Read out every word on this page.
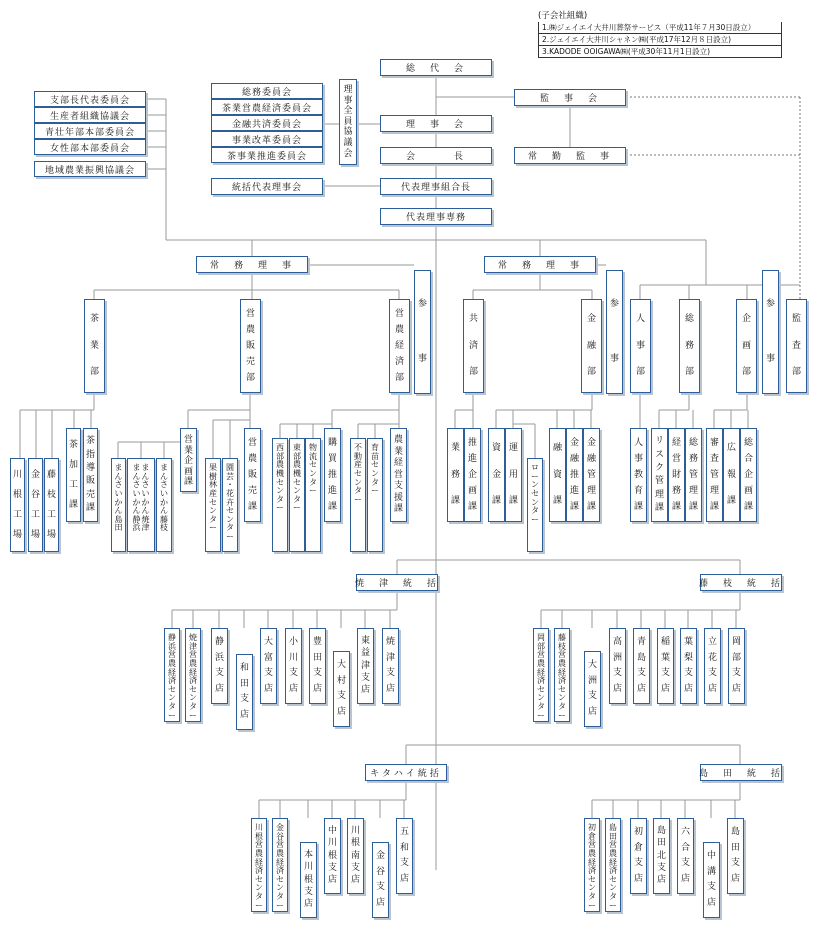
(子会社組織)
1.㈱ジェイエイ大井川葬祭サービス（平成11年７月30日設立）
2.ジェイエイ大井川シャネン㈱(平成17年12月８日設立)
3.KADODE OOIGAWA㈱(平成30年11月1日設立)
総　代　会
監　事　会
理　事　会
会　　　長	常　勤　監　事
代表理事組合長
代表理事専務
統括代表理事会
総務委員会
茶業営農経済委員会
金融共済委員会
事業改革委員会
茶事業推進委員会
理
事
全
員
協
議
会
支部長代表委員会
生産者組織協議会
青壮年部本部委員会
女性部本部委員会
地域農業振興協議会
常　務　理　事	常　務　理　事
茶
業
部
営
農
販
売
部
営
農
経
済
部
共
済
部
金
融
部
人
事
部
総
務
部
企
画
部
監
査
部
参
事
参
事
参
事
川
根
工
場
金
谷
工
場
藤
枝
工
場
茶
加
工
課
茶
指
導
販
売
課
ま
ん
さ
い
か
ん
島
田
ま
ん
さ
い
か
ん
焼
津
ま
ん
さ
い
か
ん
静
浜
ま
ん
さ
い
か
ん
藤
枝
営
業
企
画
課
果
樹
林
産
セ
ン
タ
ー
園
芸
・
花
卉
セ
ン
タ
ー
営
農
販
売
課
西
部
農
機
セ
ン
タ
ー
東
部
農
機
セ
ン
タ
ー
物
流
セ
ン
タ
ー
購
買
推
進
課
不
動
産
セ
ン
タ
ー
育
苗
セ
ン
タ
ー
農
業
経
営
支
援
課
業
務
課
推
進
企
画
課
資
金
課
運
用
課
ロ
ー
ン
セ
ン
タ
ー
融
資
課
金
融
推
進
課
金
融
管
理
課
人
事
教
育
課
リ
ス
ク
管
理
課
経
営
財
務
課
総
務
管
理
課
審
査
管
理
課
広
報
課
総
合
企
画
課
焼　津　統　括
静
浜
営
農
経
済
セ
ン
タ
ー
焼
津
営
農
経
済
セ
ン
タ
ー
静
浜
支
店
和
田
支
店
大
富
支
店
小
川
支
店
豊
田
支
店
大
村
支
店
東
益
津
支
店
焼
津
支
店
藤　枝　統　括
岡
部
営
農
経
済
セ
ン
タ
ー
藤
枝
営
農
経
済
セ
ン
タ
ー
大
洲
支
店
高
洲
支
店
青
島
支
店
稲
葉
支
店
葉
梨
支
店
立
花
支
店
岡
部
支
店
キタハイ統括
川
根
営
農
経
済
セ
ン
タ
ー
金
谷
営
農
経
済
セ
ン
タ
ー
本
川
根
支
店
中
川
根
支
店
川
根
南
支
店
金
谷
支
店
五
和
支
店
島　田　統　括
初
倉
営
農
経
済
セ
ン
タ
ー
島
田
営
農
経
済
セ
ン
タ
ー
初
倉
支
店
島
田
北
支
店
六
合
支
店
中
溝
支
店
島
田
支
店
